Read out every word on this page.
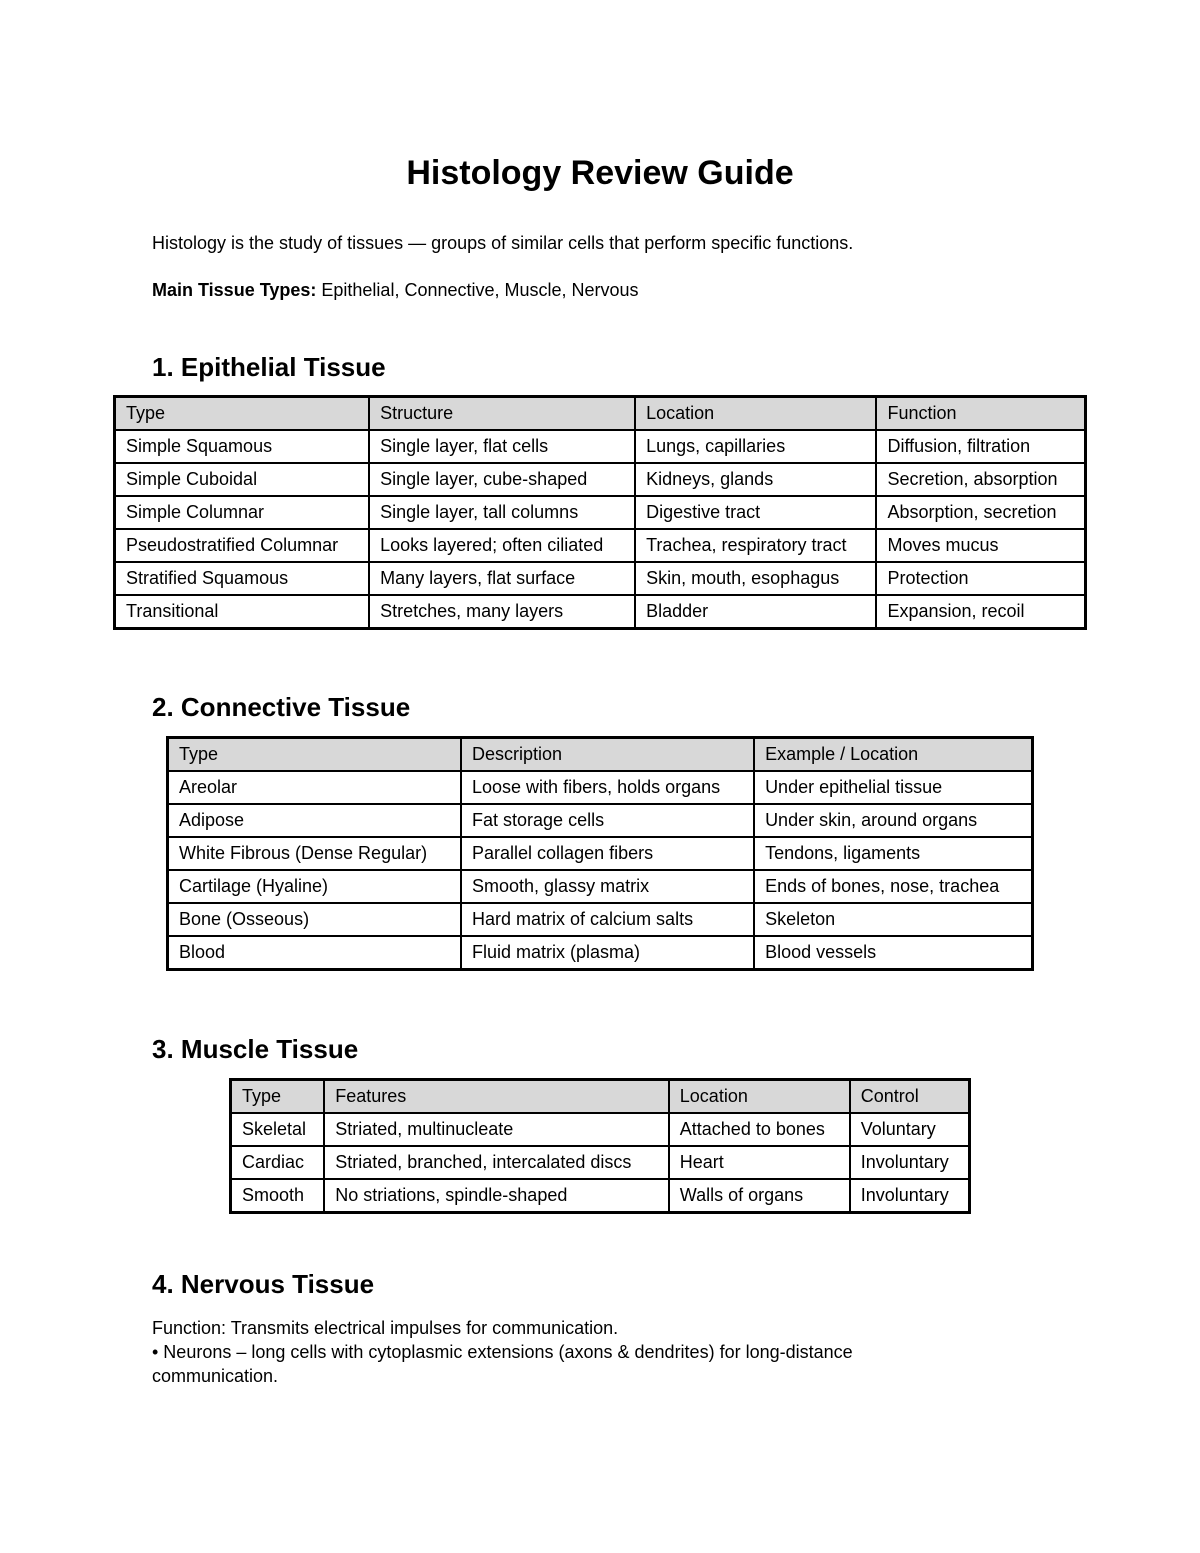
Histology Review Guide
Histology is the study of tissues — groups of similar cells that perform specific functions.
Main Tissue Types: Epithelial, Connective, Muscle, Nervous
1. Epithelial Tissue
Type	Structure	Location	Function
Simple Squamous	Single layer, flat cells	Lungs, capillaries	Diffusion, filtration
Simple Cuboidal	Single layer, cube-shaped	Kidneys, glands	Secretion, absorption
Simple Columnar	Single layer, tall columns	Digestive tract	Absorption, secretion
Pseudostratified Columnar	Looks layered; often ciliated	Trachea, respiratory tract	Moves mucus
Stratified Squamous	Many layers, flat surface	Skin, mouth, esophagus	Protection
Transitional	Stretches, many layers	Bladder	Expansion, recoil
2. Connective Tissue
Type	Description	Example / Location
Areolar	Loose with fibers, holds organs	Under epithelial tissue
Adipose	Fat storage cells	Under skin, around organs
White Fibrous (Dense Regular)	Parallel collagen fibers	Tendons, ligaments
Cartilage (Hyaline)	Smooth, glassy matrix	Ends of bones, nose, trachea
Bone (Osseous)	Hard matrix of calcium salts	Skeleton
Blood	Fluid matrix (plasma)	Blood vessels
3. Muscle Tissue
Type	Features	Location	Control
Skeletal	Striated, multinucleate	Attached to bones	Voluntary
Cardiac	Striated, branched, intercalated discs	Heart	Involuntary
Smooth	No striations, spindle-shaped	Walls of organs	Involuntary
4. Nervous Tissue
Function: Transmits electrical impulses for communication.
• Neurons – long cells with cytoplasmic extensions (axons & dendrites) for long-distance communication.
